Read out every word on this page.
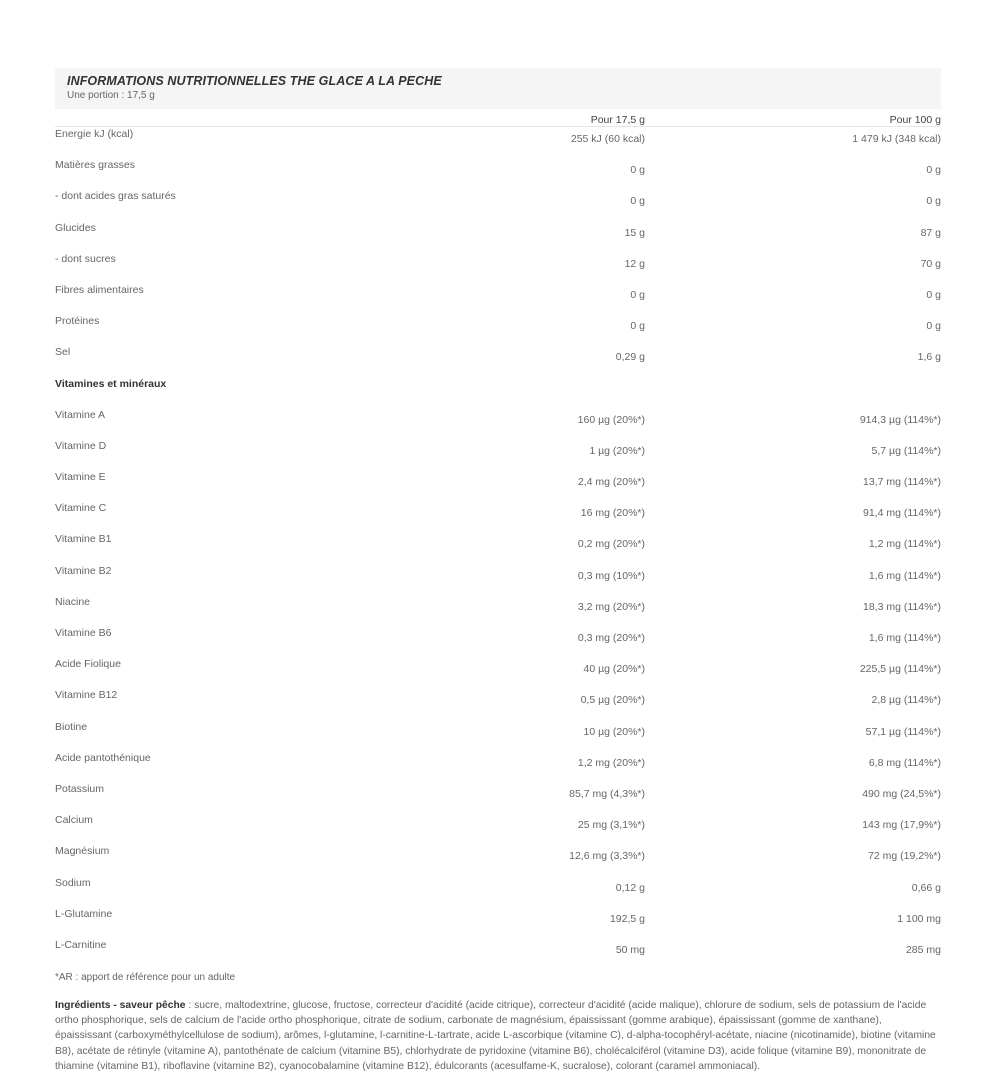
INFORMATIONS NUTRITIONNELLES THE GLACE A LA PECHE
Une portion : 17,5 g
	Pour 17,5 g	Pour 100 g
Energie kJ (kcal)	255 kJ (60 kcal)	1 479 kJ (348 kcal)
Matières grasses	0 g	0 g
- dont acides gras saturés	0 g	0 g
Glucides	15 g	87 g
- dont sucres	12 g	70 g
Fibres alimentaires	0 g	0 g
Protéines	0 g	0 g
Sel	0,29 g	1,6 g
Vitamines et minéraux		
Vitamine A	160 µg (20%*)	914,3 µg (114%*)
Vitamine D	1 µg (20%*)	5,7 µg (114%*)
Vitamine E	2,4 mg (20%*)	13,7 mg (114%*)
Vitamine C	16 mg (20%*)	91,4 mg (114%*)
Vitamine B1	0,2 mg (20%*)	1,2 mg (114%*)
Vitamine B2	0,3 mg (10%*)	1,6 mg (114%*)
Niacine	3,2 mg (20%*)	18,3 mg (114%*)
Vitamine B6	0,3 mg (20%*)	1,6 mg (114%*)
Acide Fiolique	40 µg (20%*)	225,5 µg (114%*)
Vitamine B12	0,5 µg (20%*)	2,8 µg (114%*)
Biotine	10 µg (20%*)	57,1 µg (114%*)
Acide pantothénique	1,2 mg (20%*)	6,8 mg (114%*)
Potassium	85,7 mg (4,3%*)	490 mg (24,5%*)
Calcium	25 mg (3,1%*)	143 mg (17,9%*)
Magnésium	12,6 mg (3,3%*)	72 mg (19,2%*)
Sodium	0,12 g	0,66 g
L-Glutamine	192,5 g	1 100 mg
L-Carnitine	50 mg	285 mg
*AR : apport de référence pour un adulte
Ingrédients - saveur pêche : sucre, maltodextrine, glucose, fructose, correcteur d'acidité (acide citrique), correcteur d'acidité (acide malique), chlorure de sodium, sels de potassium de l'acide ortho phosphorique, sels de calcium de l'acide ortho phosphorique, citrate de sodium, carbonate de magnésium, épaississant (gomme arabique), épaississant (gomme de xanthane), épaississant (carboxyméthylcellulose de sodium), arômes, l-glutamine, l-carnitine-L-tartrate, acide L-ascorbique (vitamine C), d-alpha-tocophéryl-acétate, niacine (nicotinamide), biotine (vitamine B8), acétate de rétinyle (vitamine A), pantothénate de calcium (vitamine B5), chlorhydrate de pyridoxine (vitamine B6), cholécalciférol (vitamine D3), acide folique (vitamine B9), mononitrate de thiamine (vitamine B1), riboflavine (vitamine B2), cyanocobalamine (vitamine B12), édulcorants (acesulfame-K, sucralose), colorant (caramel ammoniacal).
